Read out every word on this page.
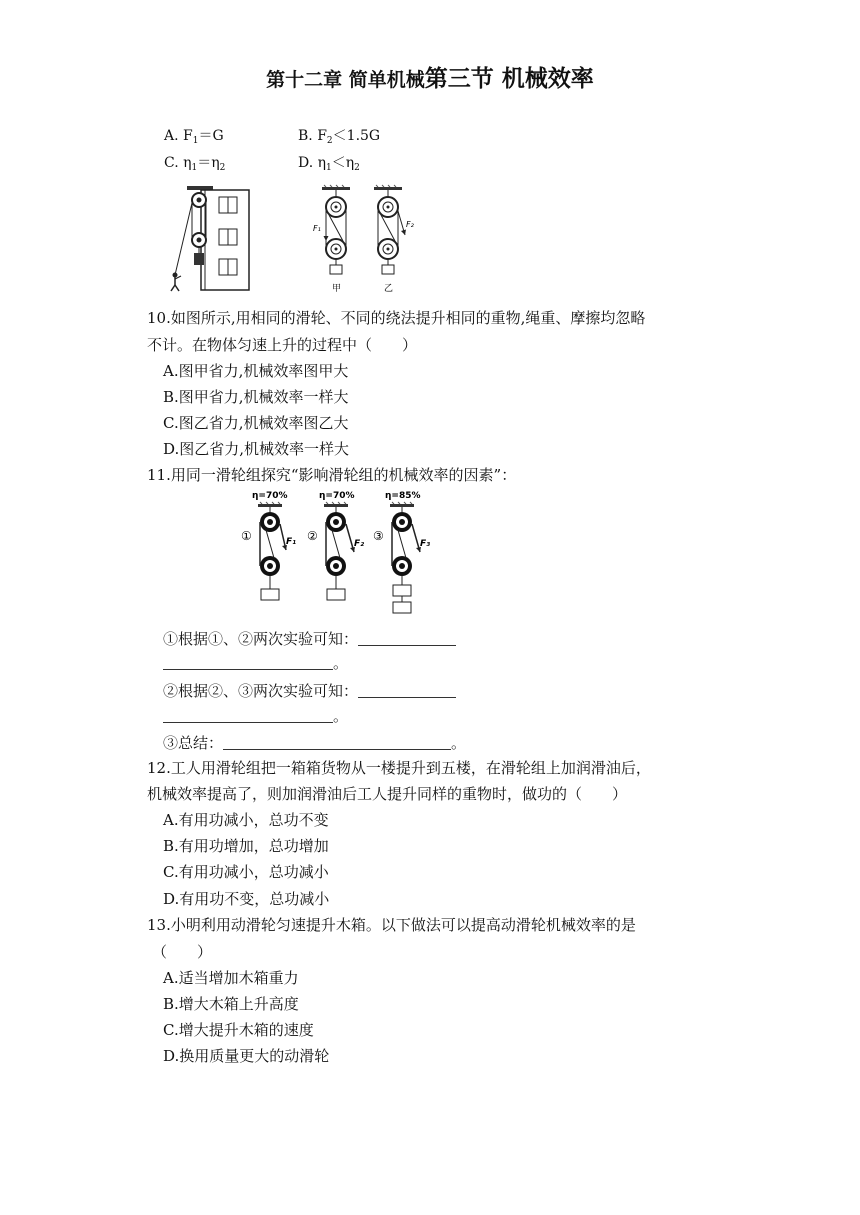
第十二章 简单机械第三节 机械效率
A. $F_1=G$	B. $F_2<1.5G$
C. $\eta_1=\eta_2$	D. $\eta_1<\eta_2$
F₁
甲
F₂
乙
10.如图所示,用相同的滑轮、不同的绕法提升相同的重物,绳重、摩擦均忽略
不计。在物体匀速上升的过程中（　　）
A.图甲省力,机械效率图甲大
B.图甲省力,机械效率一样大
C.图乙省力,机械效率图乙大
D.图乙省力,机械效率一样大
11.用同一滑轮组探究“影响滑轮组的机械效率的因素”：
η=70%
F₁
①
η=70%
F₂
②
η=85%
F₃
③
①根据①、②两次实验可知：
。
②根据②、③两次实验可知：
。
③总结：	。
12.工人用滑轮组把一箱箱货物从一楼提升到五楼，在滑轮组上加润滑油后，
机械效率提高了，则加润滑油后工人提升同样的重物时，做功的（　　）
A.有用功减小，总功不变
B.有用功增加，总功增加
C.有用功减小，总功减小
D.有用功不变，总功减小
13.小明利用动滑轮匀速提升木箱。以下做法可以提高动滑轮机械效率的是
（　　）
A.适当增加木箱重力
B.增大木箱上升高度
C.增大提升木箱的速度
D.换用质量更大的动滑轮
